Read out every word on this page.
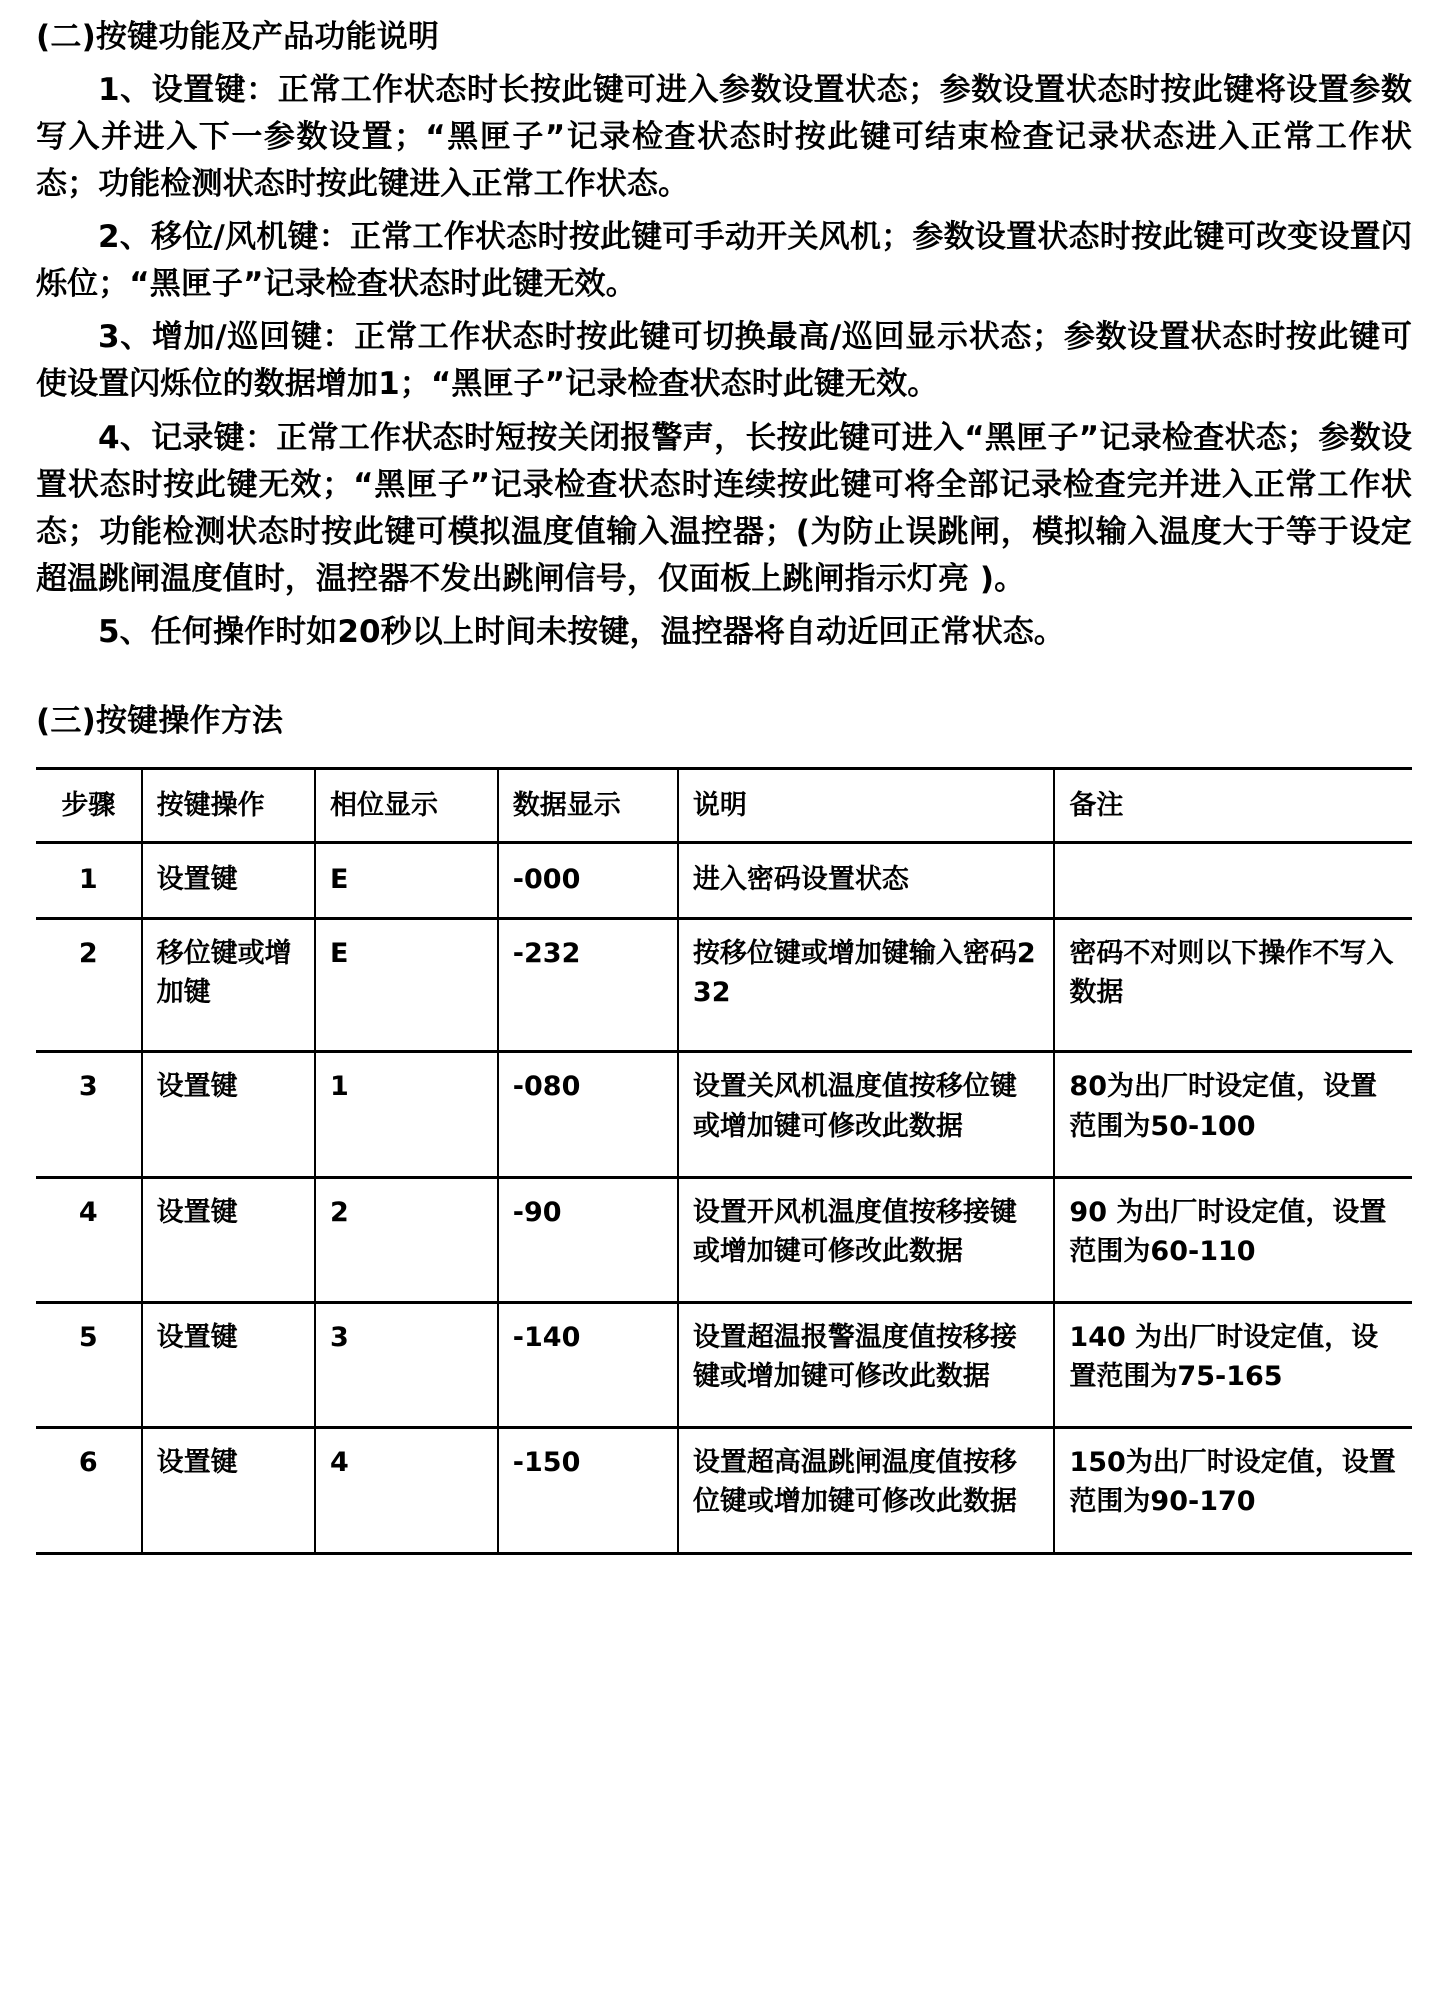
(二)按键功能及产品功能说明

1、设置键：正常工作状态时长按此键可进入参数设置状态；参数设置状态时按此键将设置参数写入并进入下一参数设置；“黑匣子”记录检查状态时按此键可结束检查记录状态进入正常工作状态；功能检测状态时按此键进入正常工作状态。

2、移位/风机键：正常工作状态时按此键可手动开关风机；参数设置状态时按此键可改变设置闪烁位；“黑匣子”记录检查状态时此键无效。

3、增加/巡回键：正常工作状态时按此键可切换最高/巡回显示状态；参数设置状态时按此键可使设置闪烁位的数据增加1；“黑匣子”记录检查状态时此键无效。

4、记录键：正常工作状态时短按关闭报警声，长按此键可进入“黑匣子”记录检查状态；参数设置状态时按此键无效；“黑匣子”记录检查状态时连续按此键可将全部记录检查完并进入正常工作状态；功能检测状态时按此键可模拟温度值输入温控器；(为防止误跳闸，模拟输入温度大于等于设定超温跳闸温度值时，温控器不发出跳闸信号，仅面板上跳闸指示灯亮 )。

5、任何操作时如20秒以上时间未按键，温控器将自动近回正常状态。

(三)按键操作方法
步骤	按键操作	相位显示	数据显示	说明	备注
1	设置键	E	-000	进入密码设置状态	
2	移位键或增加键	E	-232	按移位键或增加键输入密码232	密码不对则以下操作不写入数据
3	设置键	1	-080	设置关风机温度值按移位键或增加键可修改此数据	80为出厂时设定值，设置范围为50-100
4	设置键	2	-90	设置开风机温度值按移接键或增加键可修改此数据	90 为出厂时设定值，设置范围为60-110
5	设置键	3	-140	设置超温报警温度值按移接键或增加键可修改此数据	140 为出厂时设定值，设置范围为75-165
6	设置键	4	-150	设置超高温跳闸温度值按移位键或增加键可修改此数据	150为出厂时设定值，设置范围为90-170
